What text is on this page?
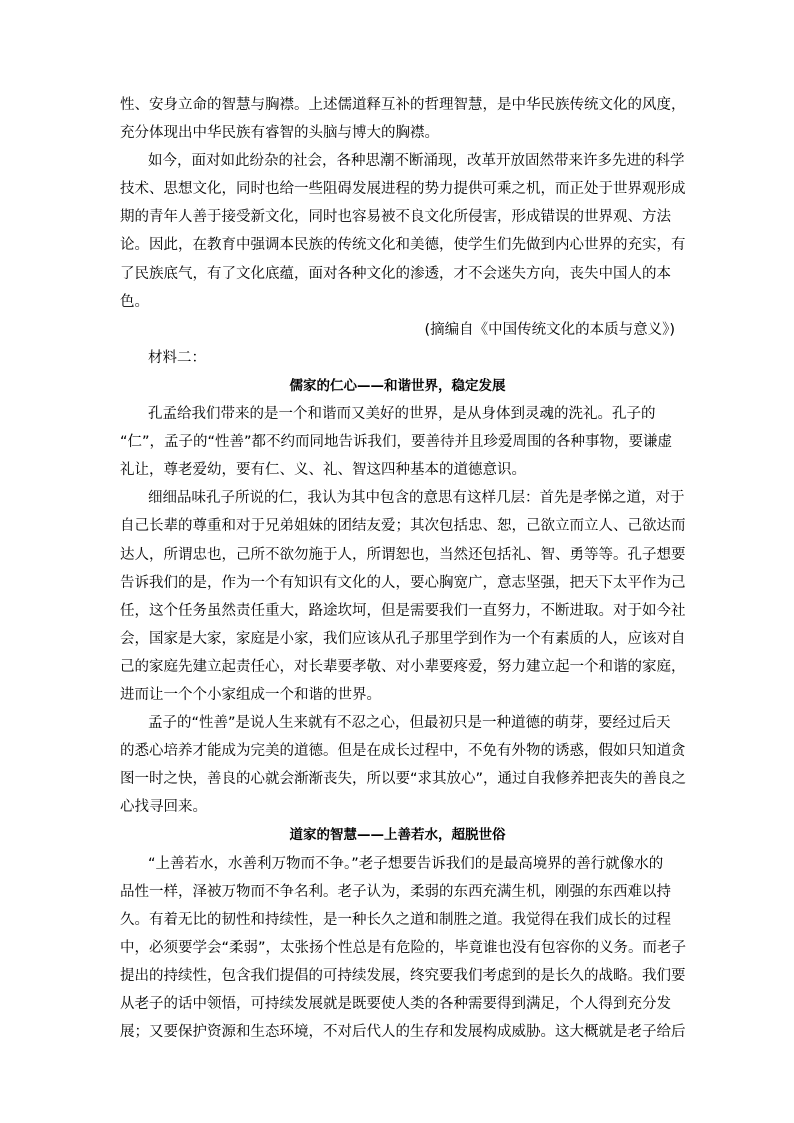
性、安身立命的智慧与胸襟。上述儒道释互补的哲理智慧，是中华民族传统文化的风度，
充分体现出中华民族有睿智的头脑与博大的胸襟。
如今，面对如此纷杂的社会，各种思潮不断涌现，改革开放固然带来许多先进的科学
技术、思想文化，同时也给一些阻碍发展进程的势力提供可乘之机，而正处于世界观形成
期的青年人善于接受新文化，同时也容易被不良文化所侵害，形成错误的世界观、方法
论。因此，在教育中强调本民族的传统文化和美德，使学生们先做到内心世界的充实，有
了民族底气，有了文化底蕴，面对各种文化的渗透，才不会迷失方向，丧失中国人的本
色。
(摘编自《中国传统文化的本质与意义》)
材料二：
儒家的仁心——和谐世界，稳定发展
孔孟给我们带来的是一个和谐而又美好的世界，是从身体到灵魂的洗礼。孔子的
“仁”，孟子的“性善”都不约而同地告诉我们，要善待并且珍爱周围的各种事物，要谦虚
礼让，尊老爱幼，要有仁、义、礼、智这四种基本的道德意识。
细细品味孔子所说的仁，我认为其中包含的意思有这样几层：首先是孝悌之道，对于
自己长辈的尊重和对于兄弟姐妹的团结友爱；其次包括忠、恕，己欲立而立人、己欲达而
达人，所谓忠也，己所不欲勿施于人，所谓恕也，当然还包括礼、智、勇等等。孔子想要
告诉我们的是，作为一个有知识有文化的人，要心胸宽广，意志坚强，把天下太平作为己
任，这个任务虽然责任重大，路途坎坷，但是需要我们一直努力，不断进取。对于如今社
会，国家是大家，家庭是小家，我们应该从孔子那里学到作为一个有素质的人，应该对自
己的家庭先建立起责任心，对长辈要孝敬、对小辈要疼爱，努力建立起一个和谐的家庭，
进而让一个个小家组成一个和谐的世界。
孟子的“性善”是说人生来就有不忍之心，但最初只是一种道德的萌芽，要经过后天
的悉心培养才能成为完美的道德。但是在成长过程中，不免有外物的诱惑，假如只知道贪
图一时之快，善良的心就会渐渐丧失，所以要“求其放心”，通过自我修养把丧失的善良之
心找寻回来。
道家的智慧——上善若水，超脱世俗
“上善若水，水善利万物而不争。”老子想要告诉我们的是最高境界的善行就像水的
品性一样，泽被万物而不争名利。老子认为，柔弱的东西充满生机，刚强的东西难以持
久。有着无比的韧性和持续性，是一种长久之道和制胜之道。我觉得在我们成长的过程
中，必须要学会“柔弱”，太张扬个性总是有危险的，毕竟谁也没有包容你的义务。而老子
提出的持续性，包含我们提倡的可持续发展，终究要我们考虑到的是长久的战略。我们要
从老子的话中领悟，可持续发展就是既要使人类的各种需要得到满足，个人得到充分发
展；又要保护资源和生态环境，不对后代人的生存和发展构成威胁。这大概就是老子给后
